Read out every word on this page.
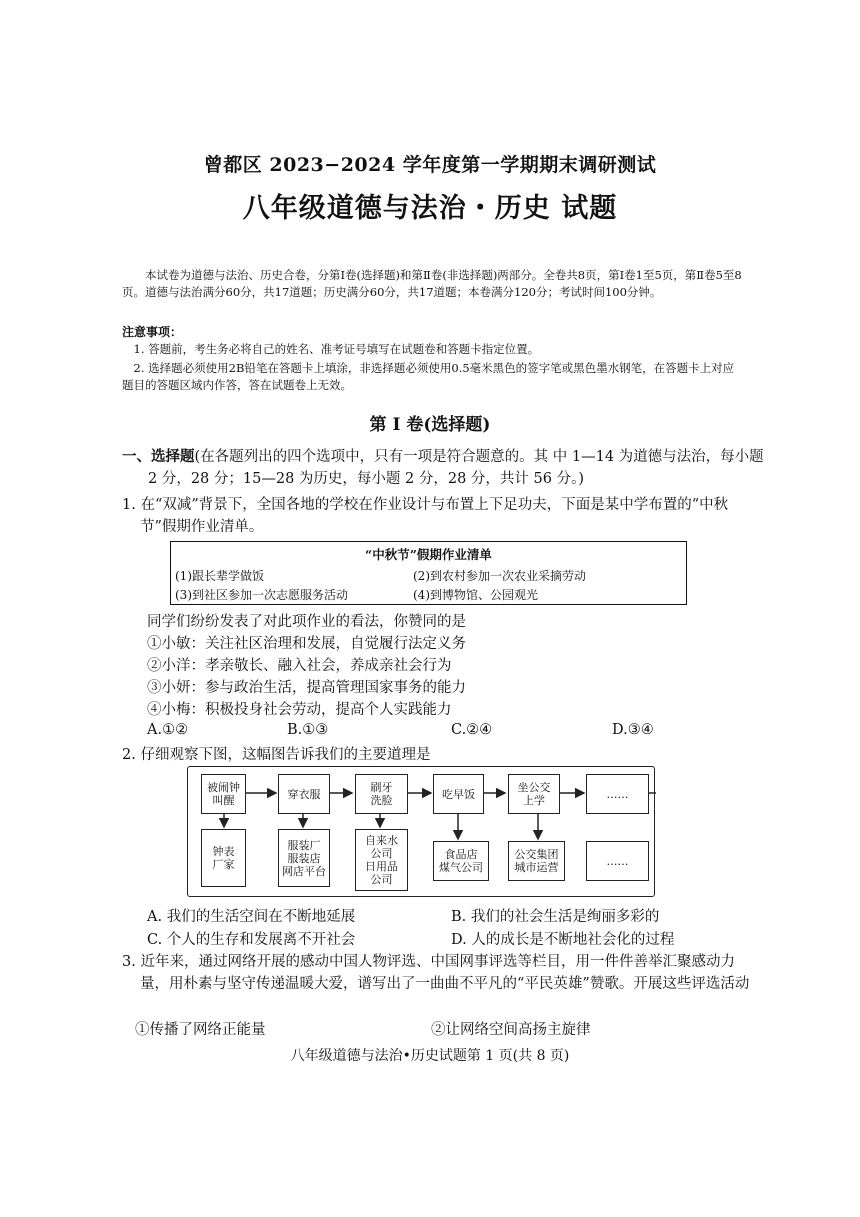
曾都区 2023−2024 学年度第一学期期末调研测试
八年级道德与法治・历史 试题
本试卷为道德与法治、历史合卷，分第Ⅰ卷(选择题)和第Ⅱ卷(非选择题)两部分。全卷共8页，第Ⅰ卷1至5页，第Ⅱ卷5至8页。道德与法治满分60分，共17道题；历史满分60分，共17道题；本卷满分120分；考试时间100分钟。
注意事项：
1. 答题前，考生务必将自己的姓名、准考证号填写在试题卷和答题卡指定位置。
2. 选择题必须使用2B铅笔在答题卡上填涂，非选择题必须使用0.5毫米黑色的签字笔或黑色墨水钢笔，在答题卡上对应题目的答题区域内作答，答在试题卷上无效。
第 I 卷(选择题)
一、选择题(在各题列出的四个选项中，只有一项是符合题意的。其 中 1—14 为道德与法治，每小题 2 分，28 分；15—28 为历史，每小题 2 分，28 分，共计 56 分。)
1. 在“双减”背景下，全国各地的学校在作业设计与布置上下足功夫，下面是某中学布置的“中秋节”假期作业清单。
“中秋节”假期作业清单
(1)跟长辈学做饭	(2)到农村参加一次农业采摘劳动
(3)到社区参加一次志愿服务活动	(4)到博物馆、公园观光
同学们纷纷发表了对此项作业的看法，你赞同的是
①小敏：关注社区治理和发展，自觉履行法定义务
②小洋：孝亲敬长、融入社会，养成亲社会行为
③小妍：参与政治生活，提高管理国家事务的能力
④小梅：积极投身社会劳动，提高个人实践能力
A.①②	B.①③	C.②④	D.③④
2. 仔细观察下图，这幅图告诉我们的主要道理是
被闹钟
叫醒	穿衣服	刷牙
洗脸	吃早饭	坐公交
上学	……
钟表
厂家
服装厂
服装店
网店平台
自来水
公司
日用品
公司
食品店
煤气公司
公交集团
城市运营	……
A. 我们的生活空间在不断地延展	B. 我们的社会生活是绚丽多彩的
C. 个人的生存和发展离不开社会	D. 人的成长是不断地社会化的过程
3. 近年来，通过网络开展的感动中国人物评选、中国网事评选等栏目，用一件件善举汇聚感动力量，用朴素与坚守传递温暖大爱，谱写出了一曲曲不平凡的“平民英雄”赞歌。开展这些评选活动
①传播了网络正能量	②让网络空间高扬主旋律
八年级道德与法治•历史试题第 1 页(共 8 页)
